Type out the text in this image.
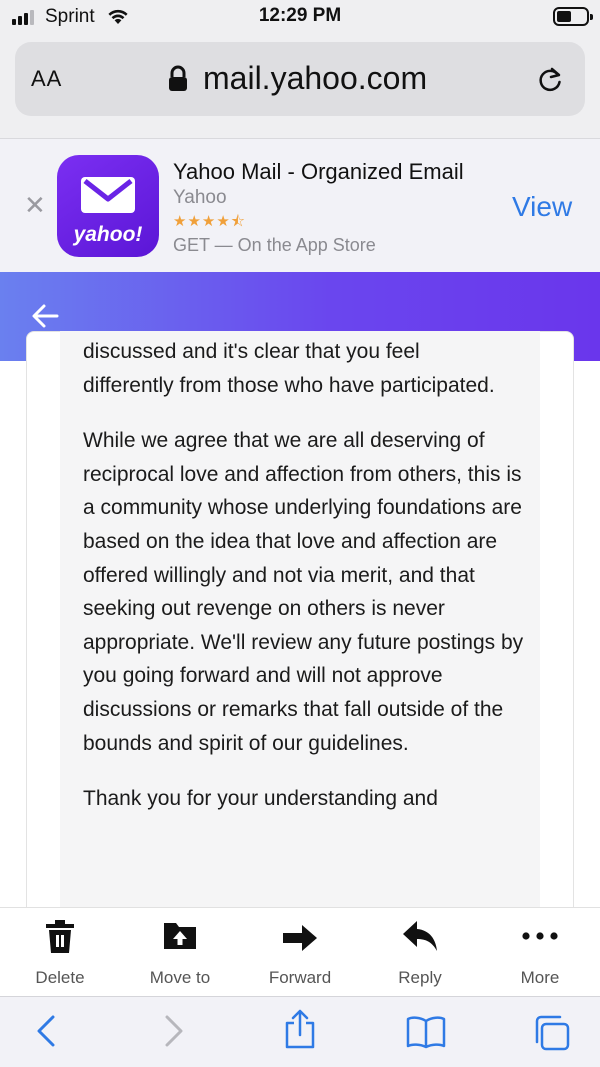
Sprint	12:29 PM
AA	mail.yahoo.com
✕
yahoo!
Yahoo Mail - Organized Email
Yahoo
★★★★⯪
GET — On the App Store
View

discussed and it's clear that you feel

differently from those who have participated.

While we agree that we are all deserving of reciprocal love and affection from others, this is a community whose underlying foundations are based on the idea that love and affection are offered willingly and not via merit, and that seeking out revenge on others is never appropriate. We'll review any future postings by you going forward and will not approve discussions or remarks that fall outside of the bounds and spirit of our guidelines.

Thank you for your understanding and

Delete	Move to	Forward	Reply	More
